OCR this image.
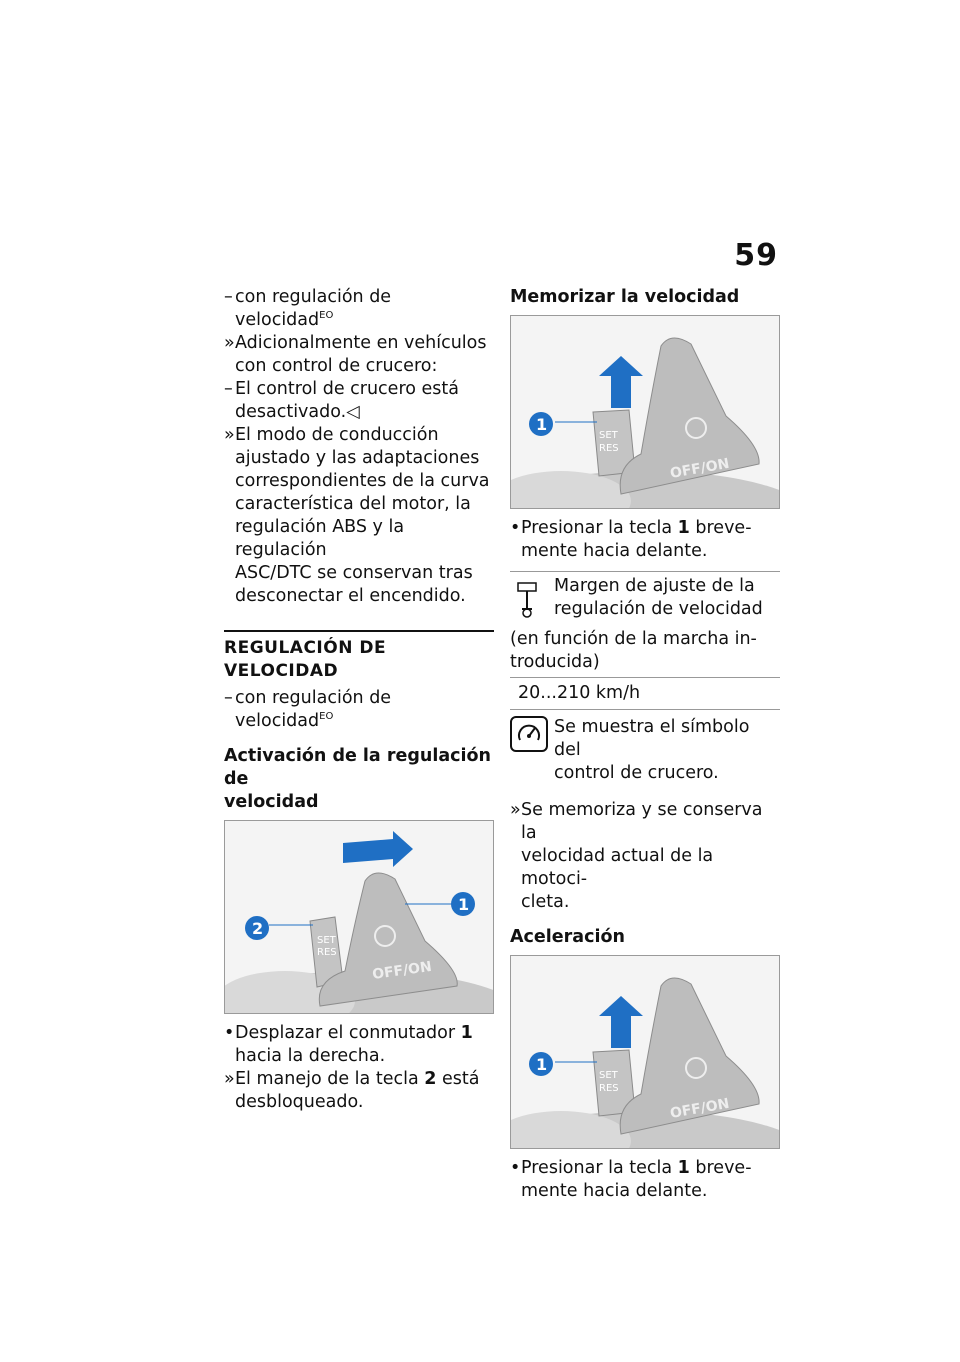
59
– con regulación de velocidad$^{EO}$
» Adicionalmente en vehículos
con control de crucero:
– El control de crucero está
desactivado.◁
» El modo de conducción
ajustado y las adaptaciones
correspondientes de la curva
característica del motor, la
regulación ABS y la regulación
ASC/DTC se conservan tras
desconectar el encendido.
REGULACIÓN DE VELOCIDAD
– con regulación de velocidad$^{EO}$
Activación de la regulación de
velocidad
SET
RES
OFF/ON
1
2
• Desplazar el conmutador 1
hacia la derecha.
» El manejo de la tecla 2 está
desbloqueado.
Memorizar la velocidad
SET
RES
OFF/ON
1
• Presionar la tecla 1 breve-
mente hacia delante.
Margen de ajuste de la
regulación de velocidad
(en función de la marcha in-
troducida)
20...210 km/h
Se muestra el símbolo del
control de crucero.
» Se memoriza y se conserva la
velocidad actual de la motoci-
cleta.
Aceleración
SET
RES
OFF/ON
1
• Presionar la tecla 1 breve-
mente hacia delante.
